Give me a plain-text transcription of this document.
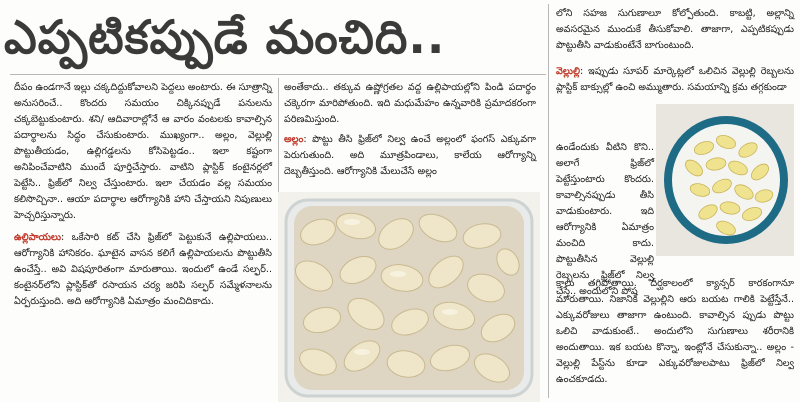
ఎప్పటికప్పుడే మంచిది..

దీపం ఉండగానే ఇల్లు చక్కదిద్దుకోవాలని పెద్దలు అంటారు. ఈ సూత్రాన్ని అనుసరించే.. కొందరు సమయం చిక్కినప్పుడే పనులను చక్కబెట్టుకుంటారు. శని/ ఆదివారాల్లోనే ఆ వారం వంటలకు కావాల్సిన పదార్థాలను సిద్ధం చేసుకుంటారు. ముఖ్యంగా.. అల్లం, వెల్లుల్లి పొట్టుతీయడం, ఉల్లిగడ్డలను కోసిపెట్టడం.. ఇలా కష్టంగా అనిపించేవాటిని ముందే పూర్తిచేస్తారు. వాటిని ప్లాస్టిక్ కంటైనర్లలో పెట్టేసి.. ఫ్రిజ్‌లో నిల్వ చేస్తుంటారు. ఇలా చేయడం వల్ల సమయం కలిసొచ్చినా.. ఆయా పదార్థాల ఆరోగ్యానికి హాని చేస్తాయని నిపుణులు హెచ్చరిస్తున్నారు.

ఉల్లిపాయలు: ఒకేసారి కట్ చేసి ఫ్రిజ్‌లో పెట్టుకునే ఉల్లిపాయలు.. ఆరోగ్యానికి హానికరం. ఘాటైన వాసన కలిగే ఉల్లిపాయలను పొట్టుతీసి ఉంచేస్తే.. అవి విషపూరితంగా మారుతాయి. ఇందులో ఉండే సల్ఫర్.. కంటైనర్‌లోని ప్లాస్టిక్‌తో రసాయన చర్య జరిపి సల్ఫర్ సమ్మేళనాలను ఏర్పరుస్తుంది. అది ఆరోగ్యానికి ఏమాత్రం మంచిదికాదు.

అంతేకాదు.. తక్కువ ఉష్ణోగ్రతల వద్ద ఉల్లిపాయల్లోని పిండి పదార్థం చక్కెరగా మారిపోతుంది. ఇది మధుమేహం ఉన్నవారికి ప్రమాదకరంగా పరిణమిస్తుంది.

అల్లం: పొట్టు తీసి ఫ్రిజ్‌లో నిల్వ ఉంచే అల్లంలో ఫంగస్ ఎక్కువగా పెరుగుతుంది. అది మూత్రపిండాలు, కాలేయ ఆరోగ్యాన్ని దెబ్బతీస్తుంది. ఆరోగ్యానికి మేలుచేసే అల్లం

లోని సహజ సుగుణాలూ కోల్పోతుంది. కాబట్టి, అల్లాన్ని అవసరమైన ముందుకే తీసుకోవాలి. తాజాగా, ఎప్పటికప్పుడు పొట్టుతీసి వాడుకుంటేనే బాగుంటుంది.

వెల్లుల్లి: ఇప్పుడు సూపర్ మార్కెట్లలో ఒలిచిన వెల్లుల్లి రెబ్బలను ప్లాస్టిక్ బాక్సుల్లో ఉంచి అమ్ముతారు. సమయాన్ని క్రమ తగ్గకుండా

ఉండేందుకు వీటిని కొని.. అలాగే ఫ్రిజ్‌లో పెట్టేస్తుంటారు కొందరు. కావాల్సినప్పుడు తీసి వాడుకుంటారు. ఇది ఆరోగ్యానికి ఏమాత్రం మంచిది కాదు. పొట్టుతీసిన వెల్లుల్లి రెబ్బలను ఫ్రిజ్‌లో నిల్వ చేస్తే.. అందులోని పోష

కాలు తగ్గిపోతాయి. దీర్ఘకాలంలో క్యాన్సర్ కారకంగానూ మారుతాయి. నిజానికి వెల్లుల్లిని ఆరు బయట గాలికి పెట్టేస్తేనే.. ఎక్కువరోజులు తాజాగా ఉంటుంది. కావాల్సిన ప్పుడు పొట్టు ఒలిచి వాడుకుంటే.. అందులోని సుగుణాలు శరీరానికి అందుతాయి. ఇక బయట కొన్నా, ఇంట్లోనే చేసుకున్నా.. అల్లం - వెల్లుల్లి పేస్ట్‌ను కూడా ఎక్కువరోజులపాటు ఫ్రిజ్‌లో నిల్వ ఉంచకూడదు.
